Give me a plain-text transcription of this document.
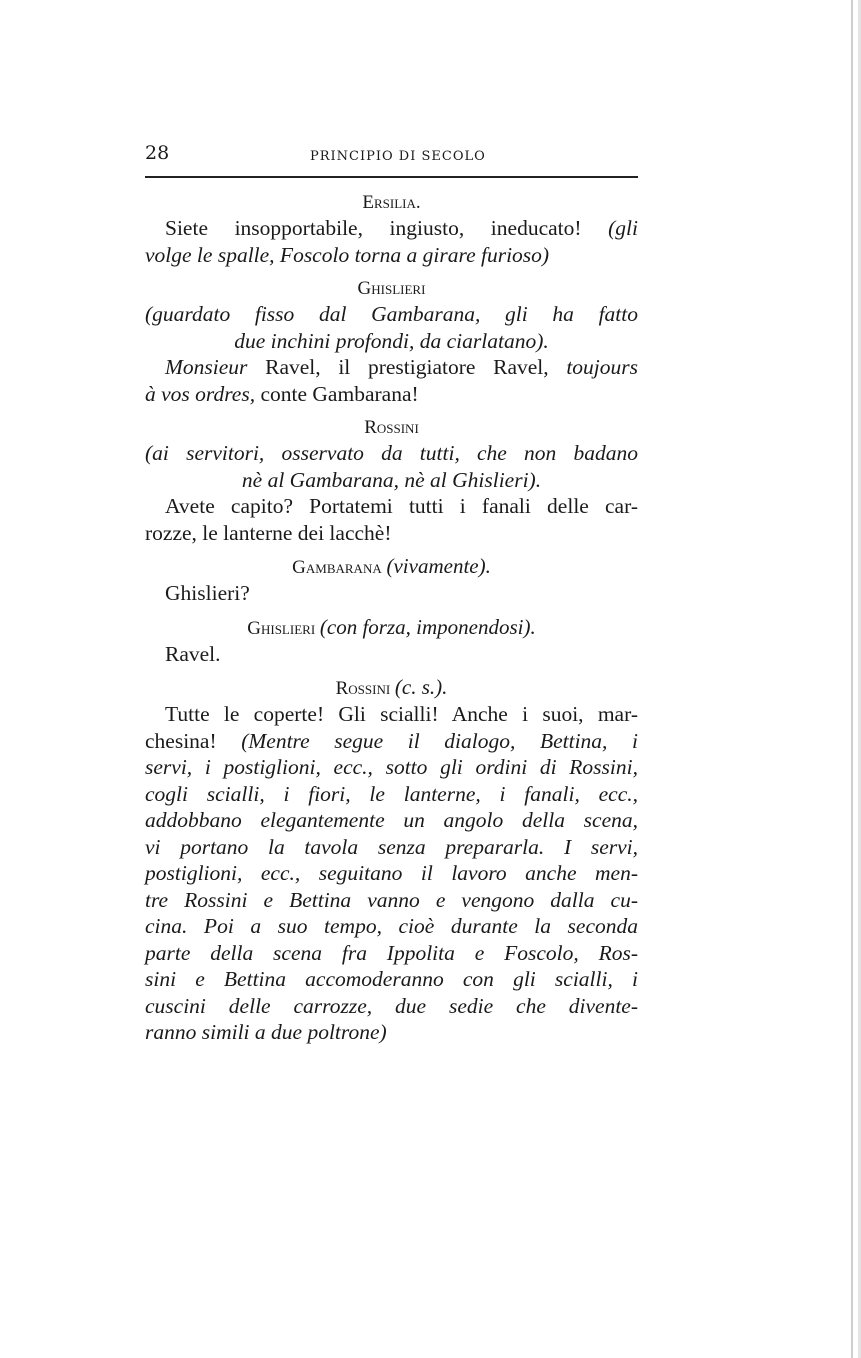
28	PRINCIPIO DI SECOLO
Ersilia.
Siete insopportabile, ingiusto, ineducato! (gli
volge le spalle, Foscolo torna a girare furioso)
Ghislieri
(guardato fisso dal Gambarana, gli ha fatto
due inchini profondi, da ciarlatano).
Monsieur Ravel, il prestigiatore Ravel, toujours
à vos ordres, conte Gambarana!
Rossini
(ai servitori, osservato da tutti, che non badano
nè al Gambarana, nè al Ghislieri).
Avete capito? Portatemi tutti i fanali delle car-
rozze, le lanterne dei lacchè!
Gambarana (vivamente).
Ghislieri?
Ghislieri (con forza, imponendosi).
Ravel.
Rossini (c. s.).
Tutte le coperte! Gli scialli! Anche i suoi, mar-
chesina! (Mentre segue il dialogo, Bettina, i
servi, i postiglioni, ecc., sotto gli ordini di Rossini,
cogli scialli, i fiori, le lanterne, i fanali, ecc.,
addobbano elegantemente un angolo della scena,
vi portano la tavola senza prepararla. I servi,
postiglioni, ecc., seguitano il lavoro anche men-
tre Rossini e Bettina vanno e vengono dalla cu-
cina. Poi a suo tempo, cioè durante la seconda
parte della scena fra Ippolita e Foscolo, Ros-
sini e Bettina accomoderanno con gli scialli, i
cuscini delle carrozze, due sedie che divente-
ranno simili a due poltrone)
